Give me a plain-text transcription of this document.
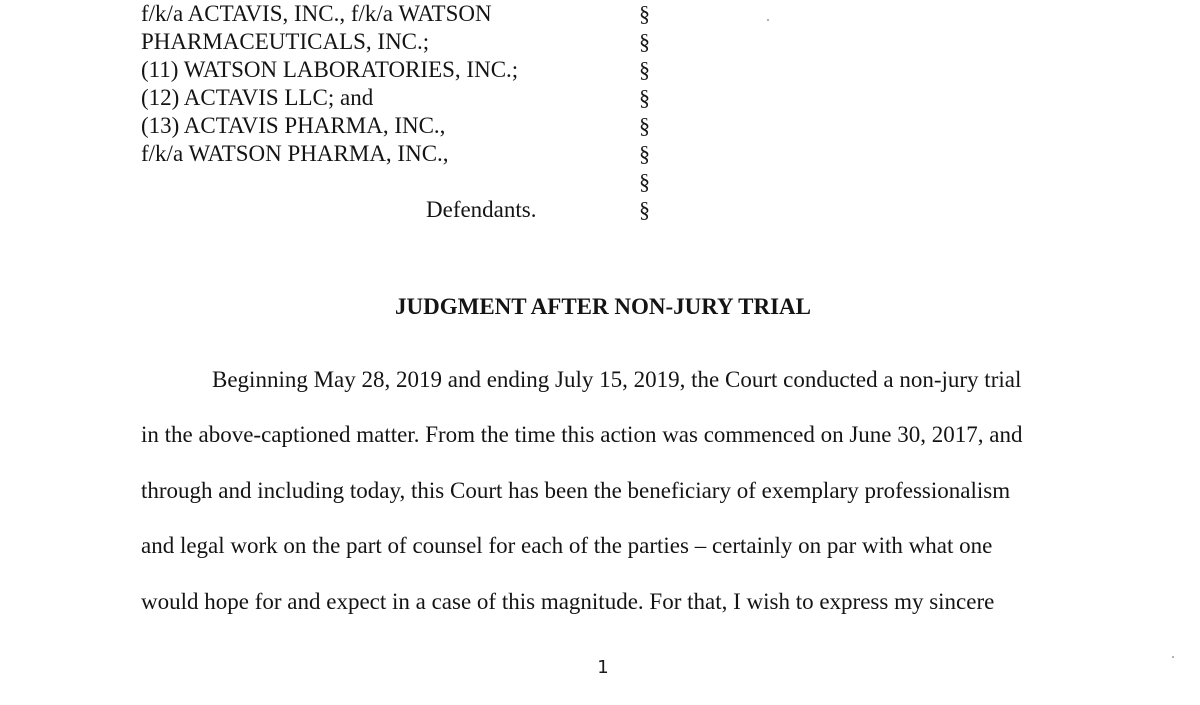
f/k/a ACTAVIS, INC., f/k/a WATSON
PHARMACEUTICALS, INC.;
(11) WATSON LABORATORIES, INC.;
(12) ACTAVIS LLC; and
(13) ACTAVIS PHARMA, INC.,
f/k/a WATSON PHARMA, INC.,
Defendants.
§
§
§
§
§
§
§
§
JUDGMENT AFTER NON-JURY TRIAL
Beginning May 28, 2019 and ending July 15, 2019, the Court conducted a non-jury trial
in the above-captioned matter. From the time this action was commenced on June 30, 2017, and
through and including today, this Court has been the beneficiary of exemplary professionalism
and legal work on the part of counsel for each of the parties – certainly on par with what one
would hope for and expect in a case of this magnitude. For that, I wish to express my sincere
1
